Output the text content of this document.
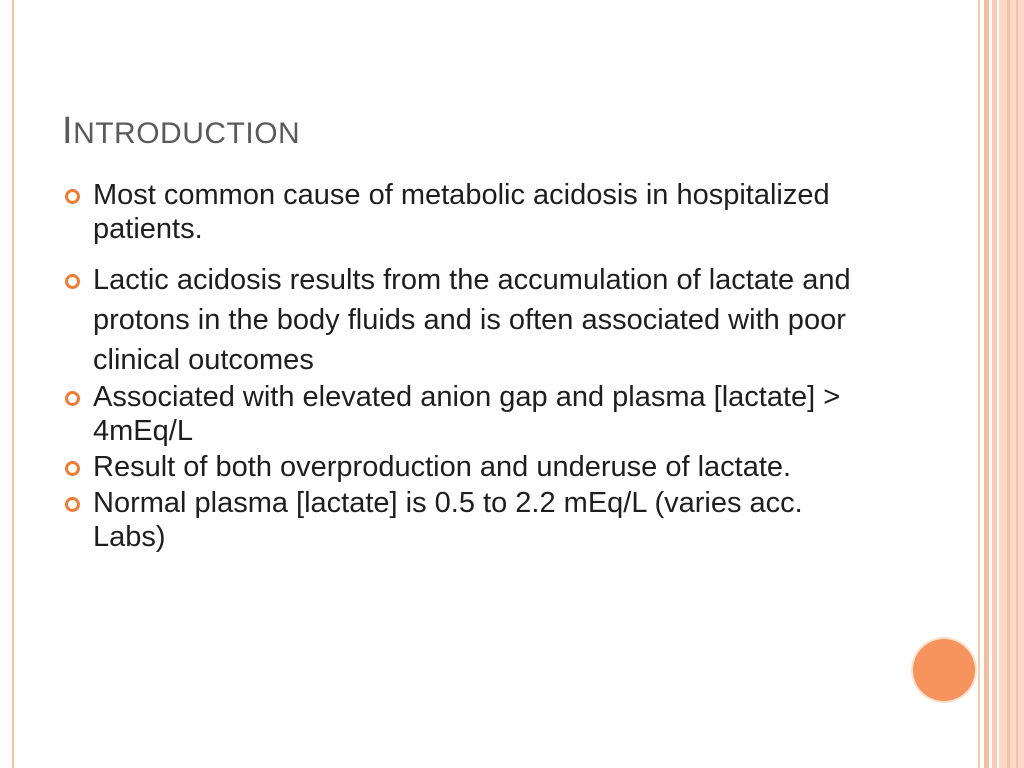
INTRODUCTION
Most common cause of metabolic acidosis in hospitalized patients.
Lactic acidosis results from the accumulation of lactate and protons in the body fluids and is often associated with poor clinical outcomes
Associated with elevated anion gap and plasma [lactate] > 4mEq/L
Result of both overproduction and underuse of lactate.
Normal plasma [lactate] is 0.5 to 2.2 mEq/L (varies acc. Labs)
